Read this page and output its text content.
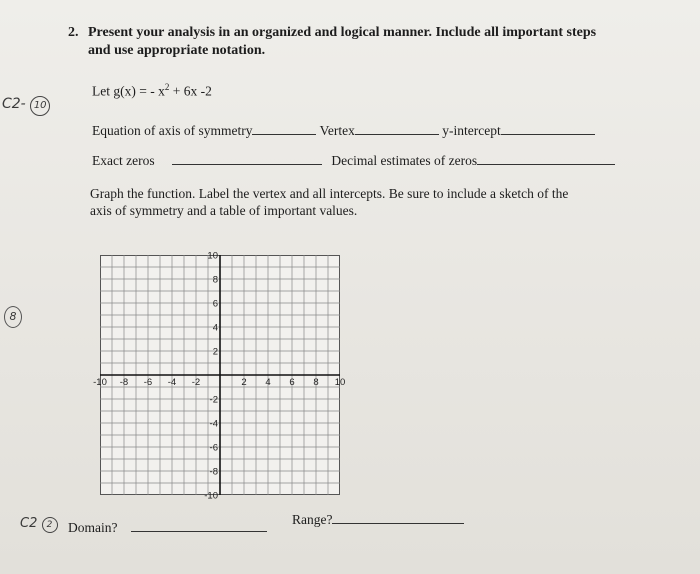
2. Present your analysis in an organized and logical manner. Include all important steps
and use appropriate notation.
C2- 10
Let g(x) = - $x^2 + 6x$ -2
Equation of axis of symmetry	Vertex	y-intercept
Exact zeros	Decimal estimates of zeros
Graph the function. Label the vertex and all intercepts. Be sure to include a sketch of the
axis of symmetry and a table of important values.
8
-10 -8 -6 -4 -2	2 4 6 8 10
10
8
6
4
2
-2
-4
-6
-8
-10
C2 2	Domain?
Range?
